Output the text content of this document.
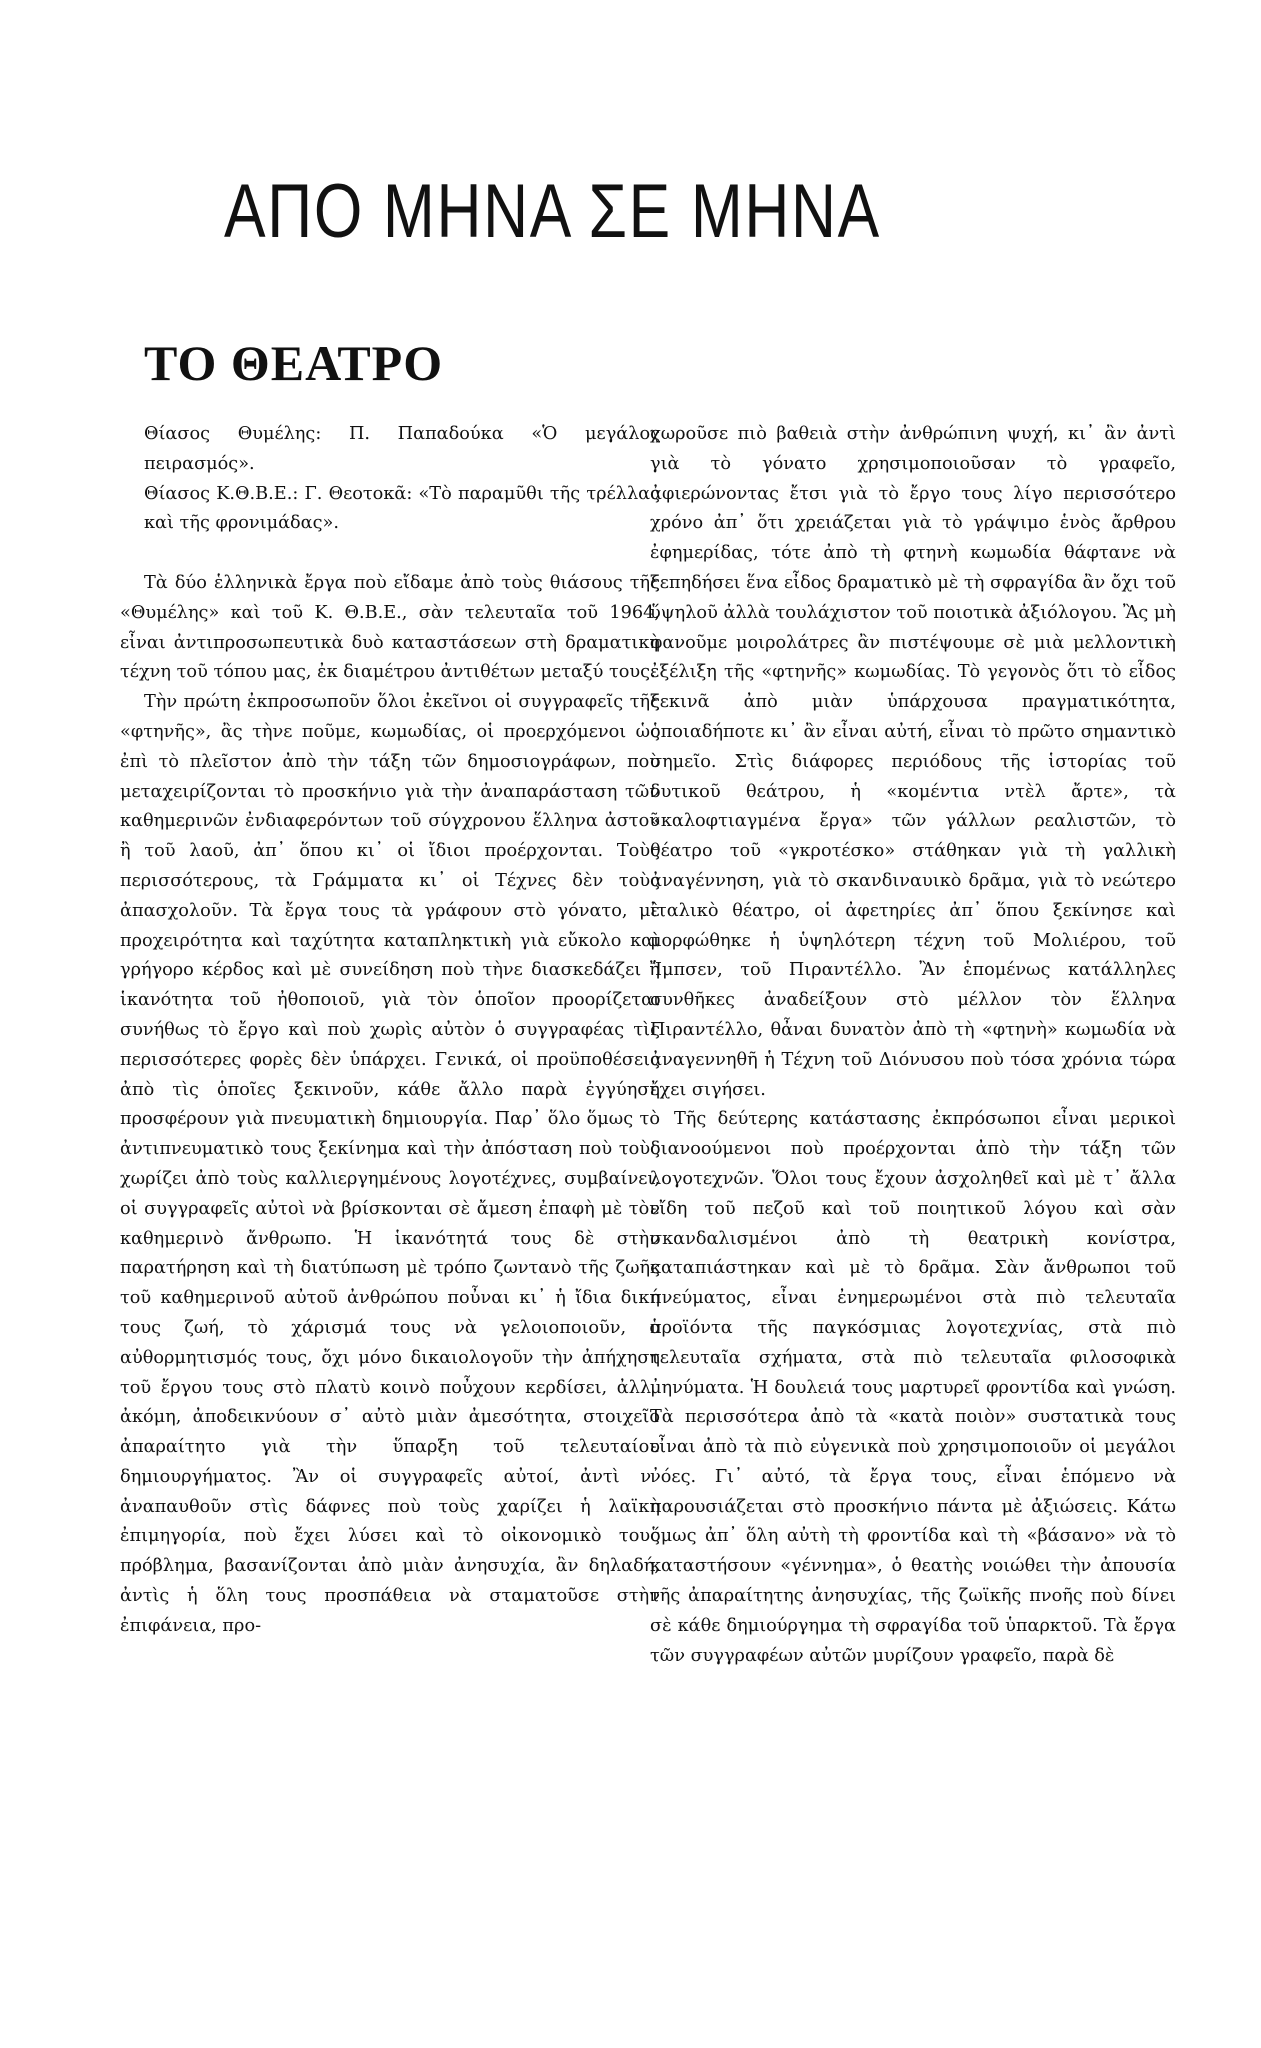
ΑΠΟ ΜΗΝΑ ΣΕ ΜΗΝΑ
ΤΟ ΘΕΑΤΡΟ

Θίασος Θυμέλης: Π. Παπαδούκα «Ὁ μεγάλος πειρασμός».

Θίασος Κ.Θ.Β.Ε.: Γ. Θεοτοκᾶ: «Τὸ παραμῦθι τῆς τρέλλας καὶ τῆς φρονιμάδας».

Τὰ δύο ἑλληνικὰ ἔργα ποὺ εἴδαμε ἀπὸ τοὺς θιάσους τῆς «Θυμέλης» καὶ τοῦ Κ. Θ.Β.Ε., σὰν τελευταῖα τοῦ 1964, εἶναι ἀντιπροσωπευτικὰ δυὸ καταστάσεων στὴ δραματικὴ τέχνη τοῦ τόπου μας, ἐκ διαμέτρου ἀντιθέτων μεταξύ τους.

Τὴν πρώτη ἐκπροσωποῦν ὅλοι ἐκεῖνοι οἱ συγγραφεῖς τῆς «φτηνῆς», ἂς τὴνε ποῦμε, κωμωδίας, οἱ προερχόμενοι ὡς ἐπὶ τὸ πλεῖστον ἀπὸ τὴν τάξη τῶν δημοσιογράφων, ποὺ μεταχειρίζονται τὸ προσκήνιο γιὰ τὴν ἀναπαράσταση τῶν καθημερινῶν ἐνδιαφερόντων τοῦ σύγχρονου ἕλληνα ἀστοῦ ἢ τοῦ λαοῦ, ἀπ᾽ ὅπου κι᾽ οἱ ἴδιοι προέρχονται. Τοὺς περισσότερους, τὰ Γράμματα κι᾽ οἱ Τέχνες δὲν τοὺς ἀπασχολοῦν. Τὰ ἔργα τους τὰ γράφουν στὸ γόνατο, μὲ προχειρότητα καὶ ταχύτητα καταπληκτικὴ γιὰ εὔκολο καὶ γρήγορο κέρδος καὶ μὲ συνείδηση ποὺ τὴνε διασκεδάζει ἡ ἱκανότητα τοῦ ἠθοποιοῦ, γιὰ τὸν ὁποῖον προορίζεται συνήθως τὸ ἔργο καὶ ποὺ χωρὶς αὐτὸν ὁ συγγραφέας τὶς περισσότερες φορὲς δὲν ὑπάρχει. Γενικά, οἱ προϋποθέσεις ἀπὸ τὶς ὁποῖες ξεκινοῦν, κάθε ἄλλο παρὰ ἐγγύηση προσφέρουν γιὰ πνευματικὴ δημιουργία. Παρ᾽ ὅλο ὅμως τὸ ἀντιπνευματικὸ τους ξεκίνημα καὶ τὴν ἀπόσταση ποὺ τοὺς χωρίζει ἀπὸ τοὺς καλλιεργημένους λογοτέχνες, συμβαίνει, οἱ συγγραφεῖς αὐτοὶ νὰ βρίσκονται σὲ ἄμεση ἐπαφὴ μὲ τὸν καθημερινὸ ἄνθρωπο. Ἡ ἱκανότητά τους δὲ στὴν παρατήρηση καὶ τὴ διατύπωση μὲ τρόπο ζωντανὸ τῆς ζωῆς τοῦ καθημερινοῦ αὐτοῦ ἀνθρώπου ποὖναι κι᾽ ἡ ἴδια δική τους ζωή, τὸ χάρισμά τους νὰ γελοιοποιοῦν, ὁ αὐθορμητισμός τους, ὄχι μόνο δικαιολογοῦν τὴν ἀπήχηση τοῦ ἔργου τους στὸ πλατὺ κοινὸ ποὖχουν κερδίσει, ἀλλ᾽ ἀκόμη, ἀποδεικνύουν σ᾽ αὐτὸ μιὰν ἀμεσότητα, στοιχεῖο ἀπαραίτητο γιὰ τὴν ὕπαρξη τοῦ τελευταίου δημιουργήματος. Ἂν οἱ συγγραφεῖς αὐτοί, ἀντὶ ν᾽ ἀναπαυθοῦν στὶς δάφνες ποὺ τοὺς χαρίζει ἡ λαϊκὴ ἐπιμηγορία, ποὺ ἔχει λύσει καὶ τὸ οἰκονομικὸ τους πρόβλημα, βασανίζονται ἀπὸ μιὰν ἀνησυχία, ἂν δηλαδή, ἀντὶς ἡ ὅλη τους προσπάθεια νὰ σταματοῦσε στὴν ἐπιφάνεια, προ-

χωροῦσε πιὸ βαθειὰ στὴν ἀνθρώπινη ψυχή, κι᾽ ἂν ἀντὶ γιὰ τὸ γόνατο χρησιμοποιοῦσαν τὸ γραφεῖο, ἀφιερώνοντας ἔτσι γιὰ τὸ ἔργο τους λίγο περισσότερο χρόνο ἀπ᾽ ὅτι χρειάζεται γιὰ τὸ γράψιμο ἑνὸς ἄρθρου ἐφημερίδας, τότε ἀπὸ τὴ φτηνὴ κωμωδία θάφτανε νὰ ξεπηδήσει ἕνα εἶδος δραματικὸ μὲ τὴ σφραγίδα ἂν ὄχι τοῦ ὕψηλοῦ ἀλλὰ τουλάχιστον τοῦ ποιοτικὰ ἀξιόλογου. Ἂς μὴ φανοῦμε μοιρολάτρες ἂν πιστέψουμε σὲ μιὰ μελλοντικὴ ἐξέλιξη τῆς «φτηνῆς» κωμωδίας. Τὸ γεγονὸς ὅτι τὸ εἶδος ξεκινᾶ ἀπὸ μιὰν ὑπάρχουσα πραγματικότητα, ὁποιαδήποτε κι᾽ ἂν εἶναι αὐτή, εἶναι τὸ πρῶτο σημαντικὸ σημεῖο. Στὶς διάφορες περιόδους τῆς ἱστορίας τοῦ δυτικοῦ θεάτρου, ἡ «κομέντια ντὲλ ἄρτε», τὰ «καλοφτιαγμένα ἔργα» τῶν γάλλων ρεαλιστῶν, τὸ θέατρο τοῦ «γκροτέσκο» στάθηκαν γιὰ τὴ γαλλικὴ ἀναγέννηση, γιὰ τὸ σκανδιναυικὸ δρᾶμα, γιὰ τὸ νεώτερο ἰταλικὸ θέατρο, οἱ ἀφετηρίες ἀπ᾽ ὅπου ξεκίνησε καὶ μορφώθηκε ἡ ὑψηλότερη τέχνη τοῦ Μολιέρου, τοῦ Ἴμπσεν, τοῦ Πιραντέλλο. Ἂν ἑπομένως κατάλληλες συνθῆκες ἀναδείξουν στὸ μέλλον τὸν ἕλληνα Πιραντέλλο, θἆναι δυνατὸν ἀπὸ τὴ «φτηνὴ» κωμωδία νὰ ἀναγεννηθῆ ἡ Τέχνη τοῦ Διόνυσου ποὺ τόσα χρόνια τώρα ἔχει σιγήσει.

Τῆς δεύτερης κατάστασης ἐκπρόσωποι εἶναι μερικοὶ διανοούμενοι ποὺ προέρχονται ἀπὸ τὴν τάξη τῶν λογοτεχνῶν. Ὅλοι τους ἔχουν ἀσχοληθεῖ καὶ μὲ τ᾽ ἄλλα εἴδη τοῦ πεζοῦ καὶ τοῦ ποιητικοῦ λόγου καὶ σὰν σκανδαλισμένοι ἀπὸ τὴ θεατρικὴ κονίστρα, καταπιάστηκαν καὶ μὲ τὸ δρᾶμα. Σὰν ἄνθρωποι τοῦ πνεύματος, εἶναι ἐνημερωμένοι στὰ πιὸ τελευταῖα προϊόντα τῆς παγκόσμιας λογοτεχνίας, στὰ πιὸ τελευταῖα σχήματα, στὰ πιὸ τελευταῖα φιλοσοφικὰ μηνύματα. Ἡ δουλειά τους μαρτυρεῖ φροντίδα καὶ γνώση. Τὰ περισσότερα ἀπὸ τὰ «κατὰ ποιὸν» συστατικὰ τους εἶναι ἀπὸ τὰ πιὸ εὐγενικὰ ποὺ χρησιμοποιοῦν οἱ μεγάλοι νόες. Γι᾽ αὐτό, τὰ ἔργα τους, εἶναι ἑπόμενο νὰ παρουσιάζεται στὸ προσκήνιο πάντα μὲ ἀξιώσεις. Κάτω ὅμως ἀπ᾽ ὅλη αὐτὴ τὴ φροντίδα καὶ τὴ «βάσανο» νὰ τὸ καταστήσουν «γέννημα», ὁ θεατὴς νοιώθει τὴν ἀπουσία τῆς ἀπαραίτητης ἀνησυχίας, τῆς ζωϊκῆς πνοῆς ποὺ δίνει σὲ κάθε δημιούργημα τὴ σφραγίδα τοῦ ὑπαρκτοῦ. Τὰ ἔργα τῶν συγγραφέων αὐτῶν μυρίζουν γραφεῖο, παρὰ δὲ
